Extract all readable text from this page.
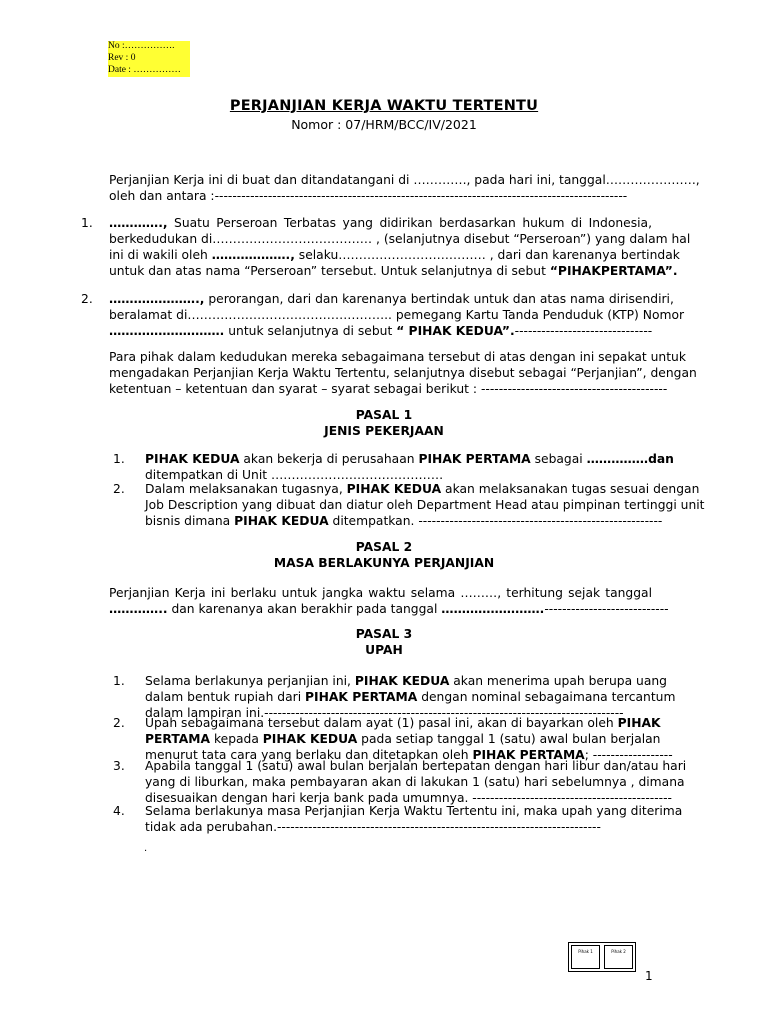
No :…………….
Rev : 0
Date : ……………
PERJANJIAN KERJA WAKTU TERTENTU
Nomor : 07/HRM/BCC/IV/2021
Perjanjian Kerja ini di buat dan ditandatangani di …………., pada hari ini, tanggal………………….,
oleh dan antara :---------------------------------------------------------------------------------------------
1. …………., Suatu Perseroan Terbatas yang didirikan berdasarkan hukum di Indonesia,
berkedudukan di………………………………… , (selanjutnya disebut “Perseroan”) yang dalam hal
ini di wakili oleh ………………., selaku……………………………… , dari dan karenanya bertindak
untuk dan atas nama “Perseroan” tersebut. Untuk selanjutnya di sebut “PIHAKPERTAMA”.
2. …………………., perorangan, dari dan karenanya bertindak untuk dan atas nama dirisendiri,
beralamat di………………………………………….. pemegang Kartu Tanda Penduduk (KTP) Nomor
………………………. untuk selanjutnya di sebut “ PIHAK KEDUA”.-------------------------------
Para pihak dalam kedudukan mereka sebagaimana tersebut di atas dengan ini sepakat untuk
mengadakan Perjanjian Kerja Waktu Tertentu, selanjutnya disebut sebagai “Perjanjian”, dengan
ketentuan – ketentuan dan syarat – syarat sebagai berikut : ------------------------------------------
PASAL 1
JENIS PEKERJAAN
1. PIHAK KEDUA akan bekerja di perusahaan PIHAK PERTAMA sebagai ……………dan
ditempatkan di Unit ……………………………………
2. Dalam melaksanakan tugasnya, PIHAK KEDUA akan melaksanakan tugas sesuai dengan
Job Description yang dibuat dan diatur oleh Department Head atau pimpinan tertinggi unit
bisnis dimana PIHAK KEDUA ditempatkan. -------------------------------------------------------
PASAL 2
MASA BERLAKUNYA PERJANJIAN
Perjanjian Kerja ini berlaku untuk jangka waktu selama ………, terhitung sejak tanggal
………….. dan karenanya akan berakhir pada tanggal …………………….----------------------------
PASAL 3
UPAH
1. Selama berlakunya perjanjian ini, PIHAK KEDUA akan menerima upah berupa uang
dalam bentuk rupiah dari PIHAK PERTAMA dengan nominal sebagaimana tercantum
dalam lampiran ini.---------------------------------------------------------------------------------
2. Upah sebagaimana tersebut dalam ayat (1) pasal ini, akan di bayarkan oleh PIHAK
PERTAMA kepada PIHAK KEDUA pada setiap tanggal 1 (satu) awal bulan berjalan
menurut tata cara yang berlaku dan ditetapkan oleh PIHAK PERTAMA; ------------------
3. Apabila tanggal 1 (satu) awal bulan berjalan bertepatan dengan hari libur dan/atau hari
yang di liburkan, maka pembayaran akan di lakukan 1 (satu) hari sebelumnya , dimana
disesuaikan dengan hari kerja bank pada umumnya. ---------------------------------------------
4. Selama berlakunya masa Perjanjian Kerja Waktu Tertentu ini, maka upah yang diterima
tidak ada perubahan.-------------------------------------------------------------------------
.
Pihak 1	Pihak 2
1
